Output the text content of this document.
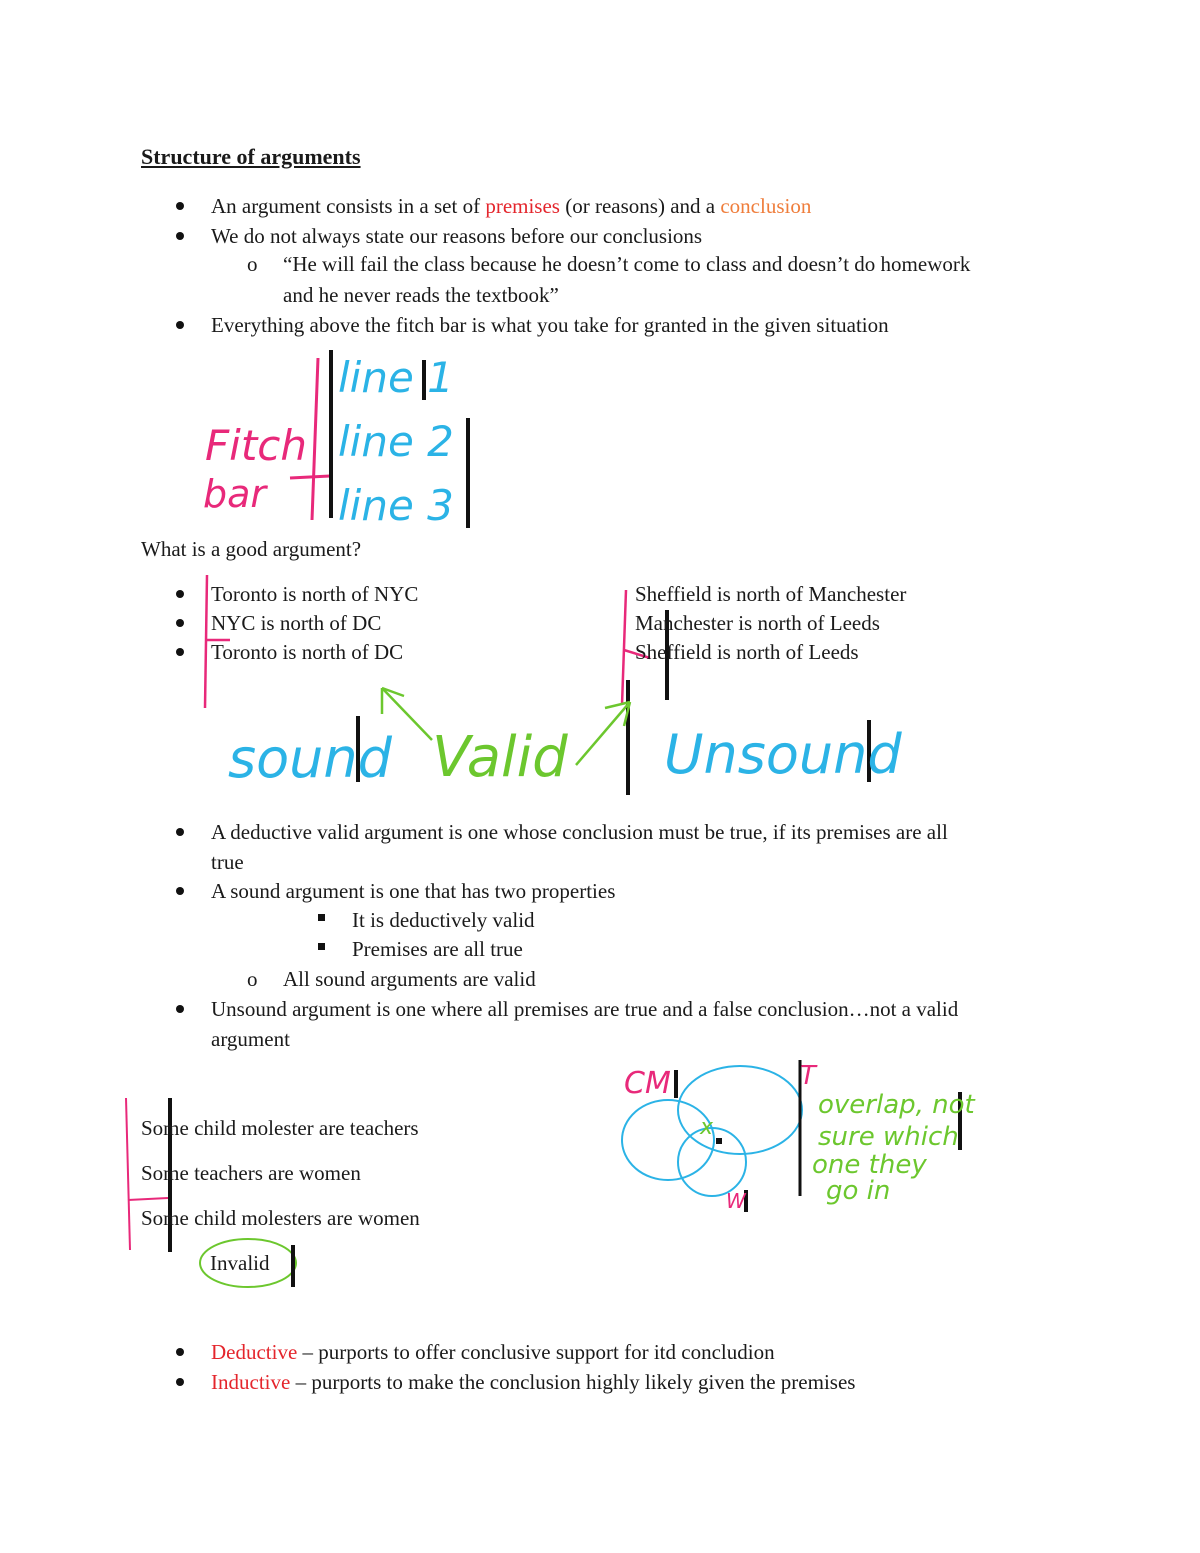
Structure of arguments
An argument consists in a set of premises (or reasons) and a conclusion
We do not always state our reasons before our conclusions
o “He will fail the class because he doesn’t come to class and doesn’t do homework
and he never reads the textbook”
Everything above the fitch bar is what you take for granted in the given situation
Fitch
bar
line 1
line 2
line 3
What is a good argument?
Toronto is north of NYC
NYC is north of DC
Toronto is north of DC
Sheffield is north of Manchester
Manchester is north of Leeds
Sheffield is north of Leeds
sound Valid Unsound
A deductive valid argument is one whose conclusion must be true, if its premises are all
true
A sound argument is one that has two properties
It is deductively valid
Premises are all true
o All sound arguments are valid
Unsound argument is one where all premises are true and a false conclusion…not a valid
argument
Some child molester are teachers
Some teachers are women
Some child molesters are women
Invalid
CM	T
W
x
overlap, not
sure which
one they
go in
Deductive – purports to offer conclusive support for itd concludion
Inductive – purports to make the conclusion highly likely given the premises
